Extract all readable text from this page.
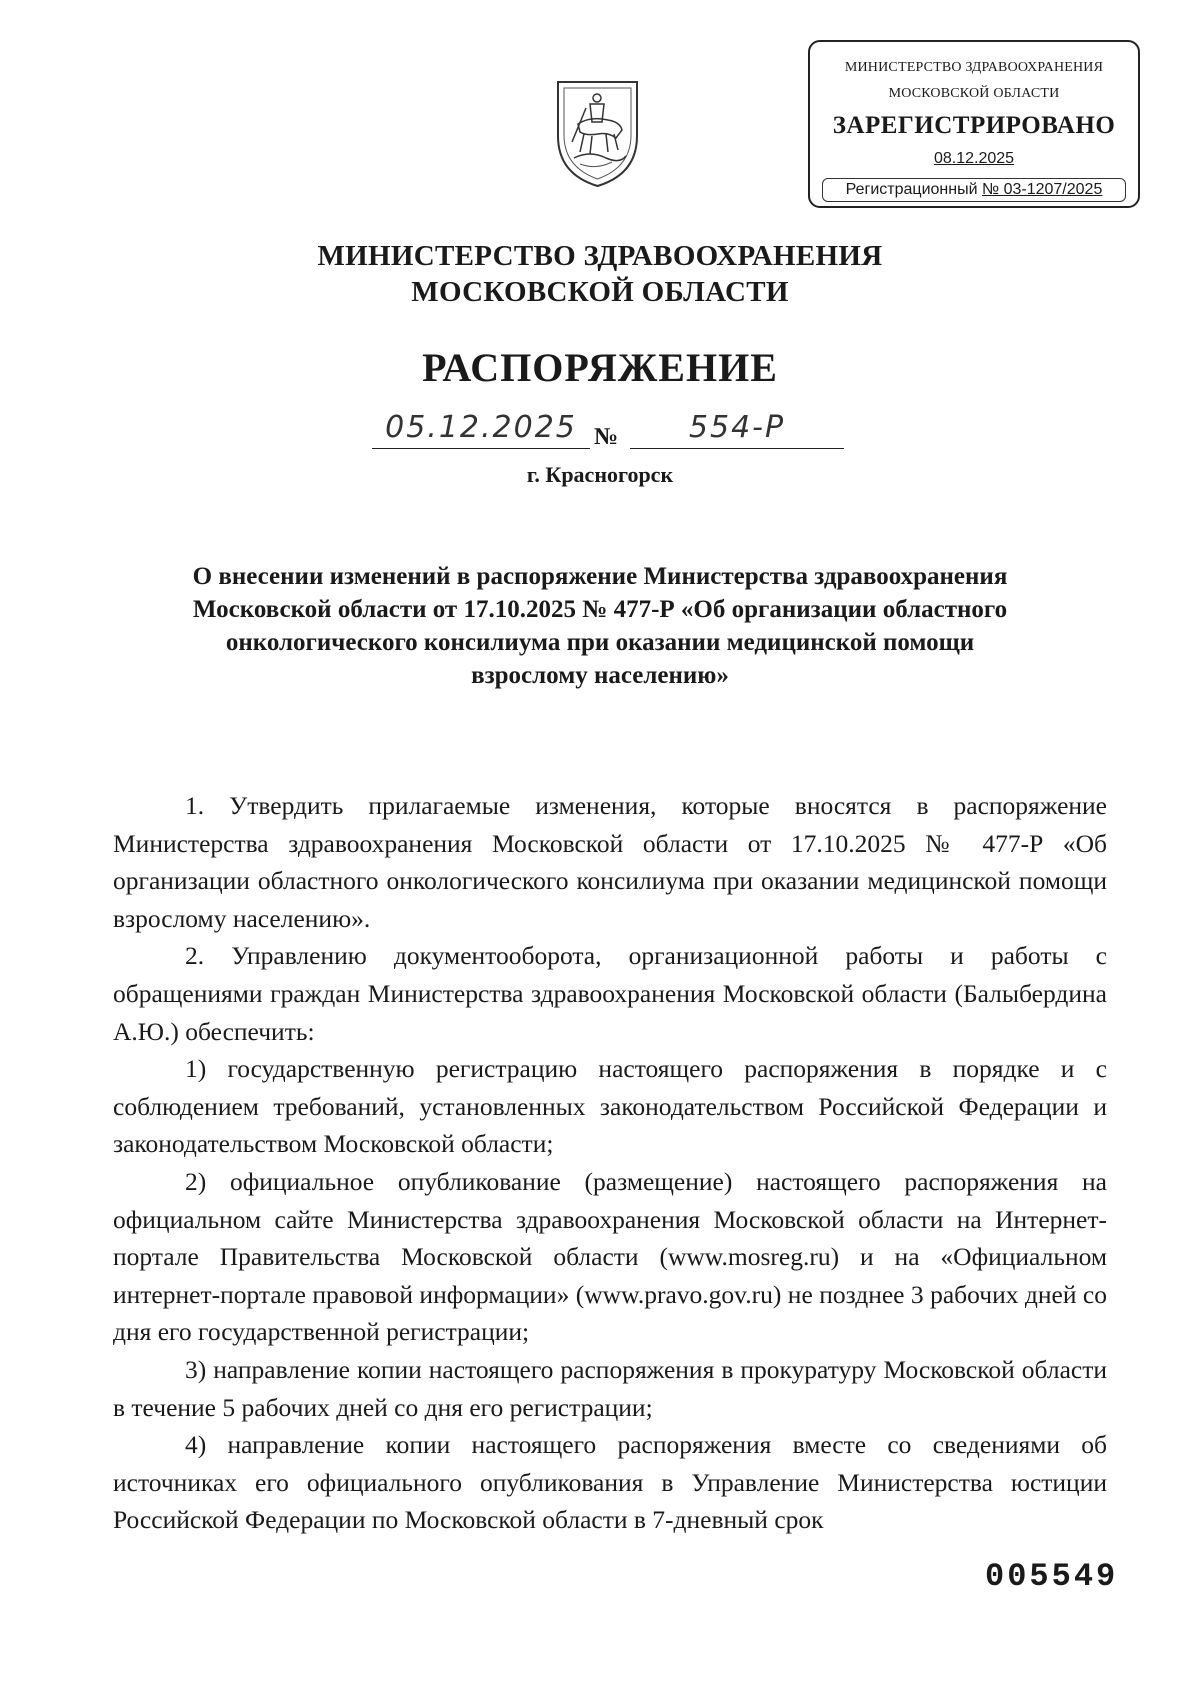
МИНИСТЕРСТВО ЗДРАВООХРАНЕНИЯ
МОСКОВСКОЙ ОБЛАСТИ
ЗАРЕГИСТРИРОВАНО
08.12.2025
Регистрационный № 03-1207/2025
МИНИСТЕРСТВО ЗДРАВООХРАНЕНИЯ
МОСКОВСКОЙ ОБЛАСТИ
РАСПОРЯЖЕНИЕ
05.12.2025 №	554-Р
г. Красногорск
О внесении изменений в распоряжение Министерства здравоохранения
Московской области от 17.10.2025 № 477-Р «Об организации областного
онкологического консилиума при оказании медицинской помощи
взрослому населению»

1. Утвердить прилагаемые изменения, которые вносятся в распоряжение Министерства здравоохранения Московской области от 17.10.2025 № 477-Р «Об организации областного онкологического консилиума при оказании медицинской помощи взрослому населению».

2. Управлению документооборота, организационной работы и работы с обращениями граждан Министерства здравоохранения Московской области (Балыбердина А.Ю.) обеспечить:

1) государственную регистрацию настоящего распоряжения в порядке и с соблюдением требований, установленных законодательством Российской Федерации и законодательством Московской области;

2) официальное опубликование (размещение) настоящего распоряжения на официальном сайте Министерства здравоохранения Московской области на Интернет-портале Правительства Московской области (www.mosreg.ru) и на «Официальном интернет-портале правовой информации» (www.pravo.gov.ru) не позднее 3 рабочих дней со дня его государственной регистрации;

3) направление копии настоящего распоряжения в прокуратуру Московской области в течение 5 рабочих дней со дня его регистрации;

4) направление копии настоящего распоряжения вместе со сведениями об источниках его официального опубликования в Управление Министерства юстиции Российской Федерации по Московской области в 7-дневный срок

005549
